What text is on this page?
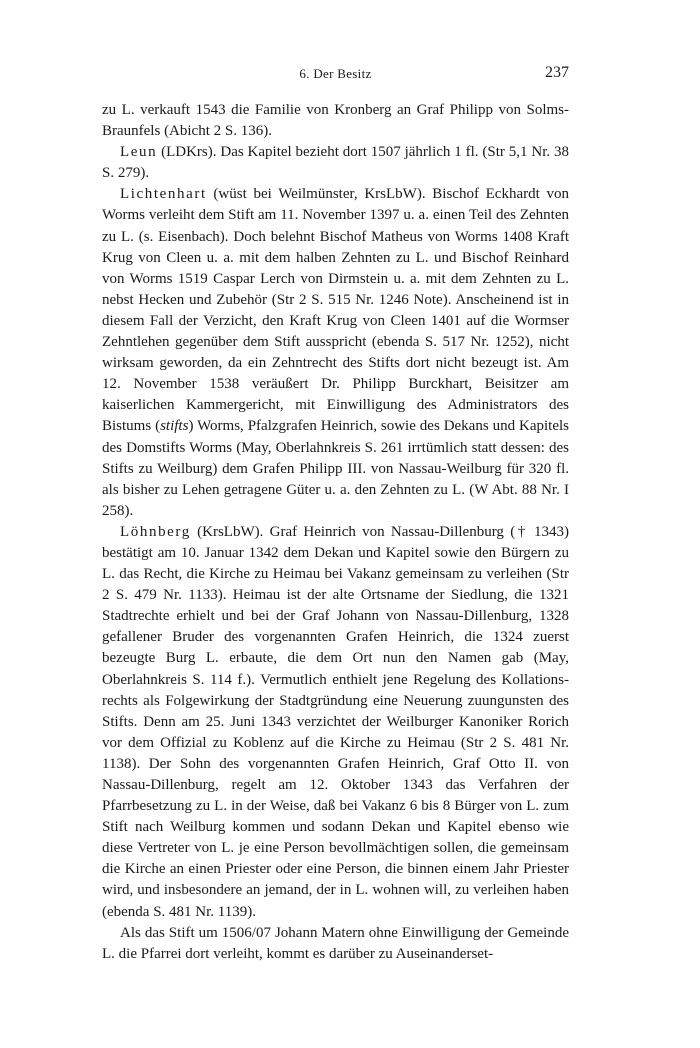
6. Der Besitz	237

zu L. verkauft 1543 die Familie von Kronberg an Graf Philipp von Solms-Braunfels (Abicht 2 S. 136).

Leun (LDKrs). Das Kapitel bezieht dort 1507 jährlich 1 fl. (Str 5,1 Nr. 38 S. 279).

Lichtenhart (wüst bei Weilmünster, KrsLbW). Bischof Eckhardt von Worms verleiht dem Stift am 11. November 1397 u. a. einen Teil des Zehnten zu L. (s. Eisenbach). Doch belehnt Bischof Matheus von Worms 1408 Kraft Krug von Cleen u. a. mit dem halben Zehnten zu L. und Bischof Reinhard von Worms 1519 Caspar Lerch von Dirmstein u. a. mit dem Zehnten zu L. nebst Hecken und Zubehör (Str 2 S. 515 Nr. 1246 Note). Anscheinend ist in diesem Fall der Verzicht, den Kraft Krug von Cleen 1401 auf die Wormser Zehntlehen gegenüber dem Stift ausspricht (ebenda S. 517 Nr. 1252), nicht wirksam geworden, da ein Zehntrecht des Stifts dort nicht bezeugt ist. Am 12. November 1538 veräußert Dr. Philipp Burckhart, Beisitzer am kaiserlichen Kammergericht, mit Einwilligung des Administrators des Bistums (stifts) Worms, Pfalzgrafen Heinrich, sowie des Dekans und Kapitels des Domstifts Worms (May, Oberlahnkreis S. 261 irrtümlich statt dessen: des Stifts zu Weilburg) dem Grafen Philipp III. von Nassau-Weilburg für 320 fl. als bisher zu Lehen getragene Güter u. a. den Zehnten zu L. (W Abt. 88 Nr. I 258).

Löhnberg (KrsLbW). Graf Heinrich von Nassau-Dillenburg († 1343) bestätigt am 10. Januar 1342 dem Dekan und Kapitel sowie den Bürgern zu L. das Recht, die Kirche zu Heimau bei Vakanz gemeinsam zu verleihen (Str 2 S. 479 Nr. 1133). Heimau ist der alte Ortsname der Siedlung, die 1321 Stadtrechte erhielt und bei der Graf Johann von Nassau-Dillenburg, 1328 gefallener Bruder des vorgenannten Grafen Heinrich, die 1324 zuerst bezeugte Burg L. erbaute, die dem Ort nun den Namen gab (May, Oberlahnkreis S. 114 f.). Vermutlich enthielt jene Regelung des Kollationsrechts als Folgewirkung der Stadtgründung eine Neuerung zuungunsten des Stifts. Denn am 25. Juni 1343 verzichtet der Weilburger Kanoniker Rorich vor dem Offizial zu Koblenz auf die Kirche zu Heimau (Str 2 S. 481 Nr. 1138). Der Sohn des vorgenannten Grafen Heinrich, Graf Otto II. von Nassau-Dillenburg, regelt am 12. Oktober 1343 das Verfahren der Pfarrbesetzung zu L. in der Weise, daß bei Vakanz 6 bis 8 Bürger von L. zum Stift nach Weilburg kommen und sodann Dekan und Kapitel ebenso wie diese Vertreter von L. je eine Person bevollmächtigen sollen, die gemeinsam die Kirche an einen Priester oder eine Person, die binnen einem Jahr Priester wird, und insbesondere an jemand, der in L. wohnen will, zu verleihen haben (ebenda S. 481 Nr. 1139).

Als das Stift um 1506/07 Johann Matern ohne Einwilligung der Gemeinde L. die Pfarrei dort verleiht, kommt es darüber zu Auseinanderset-
